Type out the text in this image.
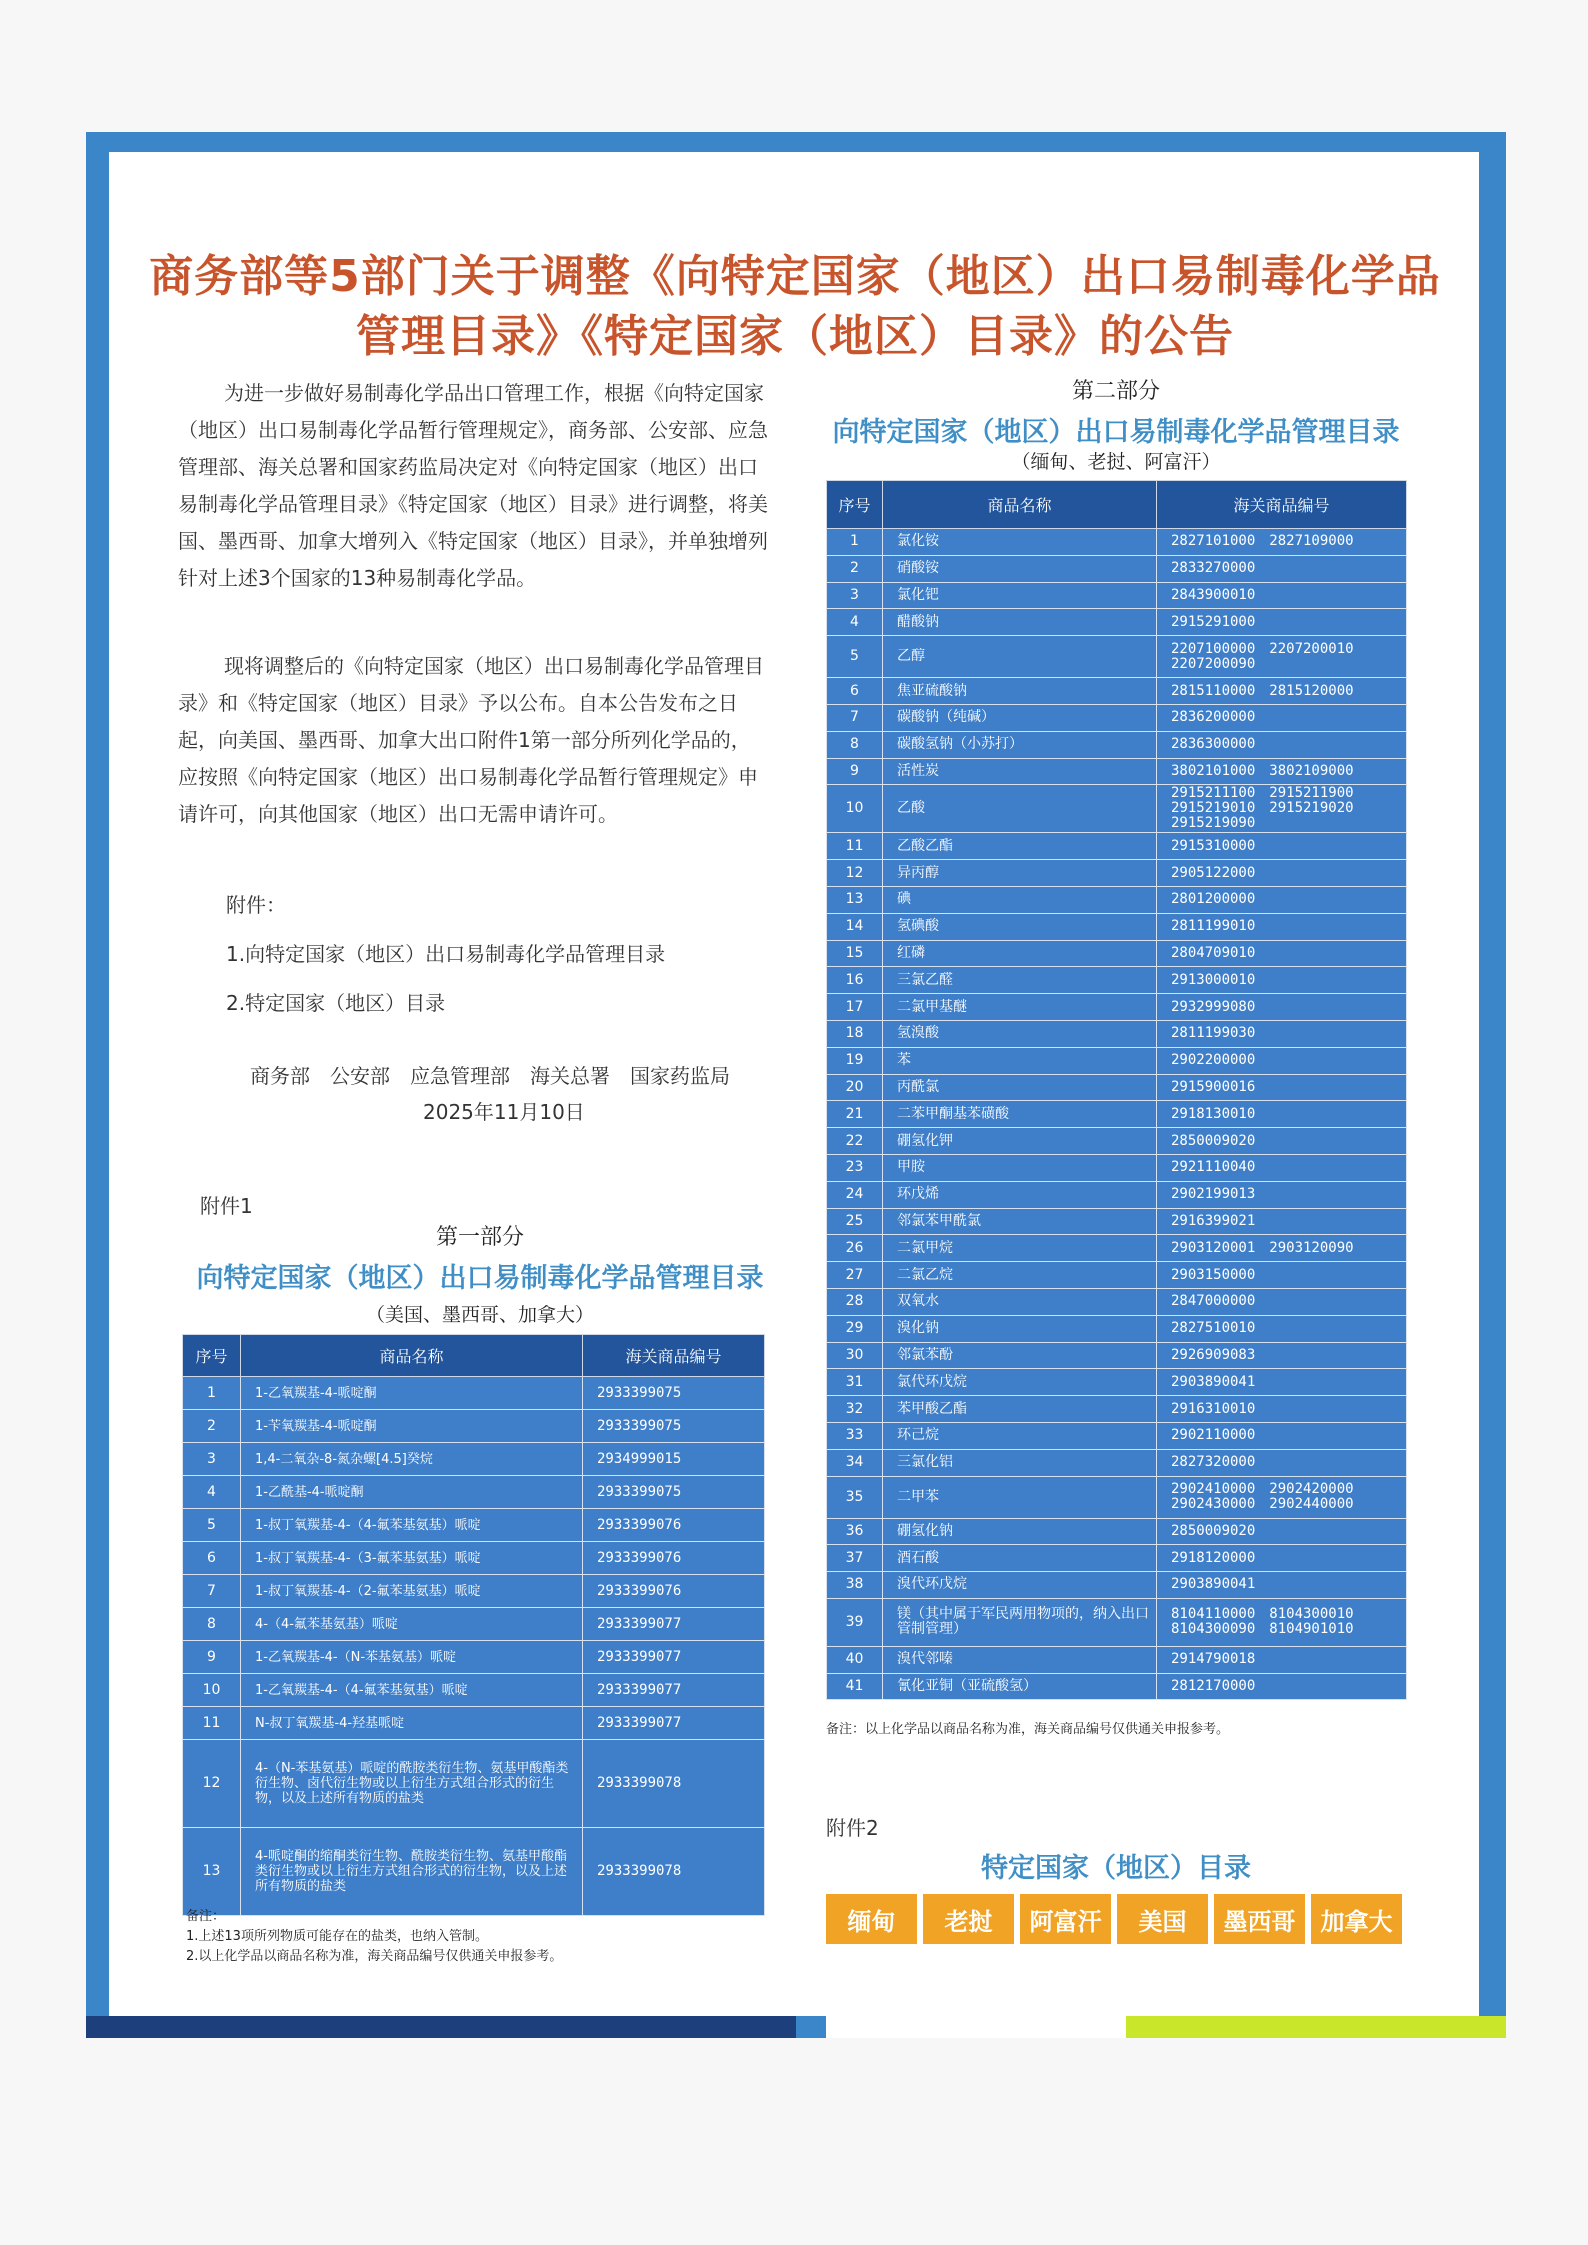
商务部等5部门关于调整《向特定国家（地区）出口易制毒化学品
管理目录》《特定国家（地区）目录》的公告
为进一步做好易制毒化学品出口管理工作，根据《向特定国家（地区）出口易制毒化学品暂行管理规定》，商务部、公安部、应急管理部、海关总署和国家药监局决定对《向特定国家（地区）出口易制毒化学品管理目录》《特定国家（地区）目录》进行调整，将美国、墨西哥、加拿大增列入《特定国家（地区）目录》，并单独增列针对上述3个国家的13种易制毒化学品。
现将调整后的《向特定国家（地区）出口易制毒化学品管理目录》和《特定国家（地区）目录》予以公布。自本公告发布之日起，向美国、墨西哥、加拿大出口附件1第一部分所列化学品的，应按照《向特定国家（地区）出口易制毒化学品暂行管理规定》申请许可，向其他国家（地区）出口无需申请许可。
附件：
1.向特定国家（地区）出口易制毒化学品管理目录
2.特定国家（地区）目录
商务部　公安部　应急管理部　海关总署　国家药监局
2025年11月10日
附件1
第一部分
向特定国家（地区）出口易制毒化学品管理目录
（美国、墨西哥、加拿大）
序号	商品名称	海关商品编号
1	1-乙氧羰基-4-哌啶酮	2933399075
2	1-苄氧羰基-4-哌啶酮	2933399075
3	1,4-二氧杂-8-氮杂螺[4.5]癸烷	2934999015
4	1-乙酰基-4-哌啶酮	2933399075
5	1-叔丁氧羰基-4-（4-氟苯基氨基）哌啶	2933399076
6	1-叔丁氧羰基-4-（3-氟苯基氨基）哌啶	2933399076
7	1-叔丁氧羰基-4-（2-氟苯基氨基）哌啶	2933399076
8	4-（4-氟苯基氨基）哌啶	2933399077
9	1-乙氧羰基-4-（N-苯基氨基）哌啶	2933399077
10	1-乙氧羰基-4-（4-氟苯基氨基）哌啶	2933399077
11	N-叔丁氧羰基-4-羟基哌啶	2933399077
12	4-（N-苯基氨基）哌啶的酰胺类衍生物、氨基甲酸酯类衍生物、卤代衍生物或以上衍生方式组合形式的衍生物，以及上述所有物质的盐类	2933399078
13	4-哌啶酮的缩酮类衍生物、酰胺类衍生物、氨基甲酸酯类衍生物或以上衍生方式组合形式的衍生物，以及上述所有物质的盐类	2933399078
备注：
1.上述13项所列物质可能存在的盐类，也纳入管制。
2.以上化学品以商品名称为准，海关商品编号仅供通关申报参考。
第二部分
向特定国家（地区）出口易制毒化学品管理目录
（缅甸、老挝、阿富汗）
序号	商品名称	海关商品编号
1	氯化铵	2827101000　2827109000
2	硝酸铵	2833270000
3	氯化钯	2843900010
4	醋酸钠	2915291000
5	乙醇	2207100000　2207200010
2207200090
6	焦亚硫酸钠	2815110000　2815120000
7	碳酸钠（纯碱）	2836200000
8	碳酸氢钠（小苏打）	2836300000
9	活性炭	3802101000　3802109000
10	乙酸	2915211100　2915211900
2915219010　2915219020
2915219090
11	乙酸乙酯	2915310000
12	异丙醇	2905122000
13	碘	2801200000
14	氢碘酸	2811199010
15	红磷	2804709010
16	三氯乙醛	2913000010
17	二氯甲基醚	2932999080
18	氢溴酸	2811199030
19	苯	2902200000
20	丙酰氯	2915900016
21	二苯甲酮基苯磺酸	2918130010
22	硼氢化钾	2850009020
23	甲胺	2921110040
24	环戊烯	2902199013
25	邻氯苯甲酰氯	2916399021
26	二氯甲烷	2903120001　2903120090
27	二氯乙烷	2903150000
28	双氧水	2847000000
29	溴化钠	2827510010
30	邻氯苯酚	2926909083
31	氯代环戊烷	2903890041
32	苯甲酸乙酯	2916310010
33	环己烷	2902110000
34	三氯化铝	2827320000
35	二甲苯	2902410000　2902420000
2902430000　2902440000
36	硼氢化钠	2850009020
37	酒石酸	2918120000
38	溴代环戊烷	2903890041
39	镁（其中属于军民两用物项的，纳入出口管制管理）	8104110000　8104300010
8104300090　8104901010
40	溴代邻嗪	2914790018
41	氰化亚铜（亚硫酸氢）	2812170000
备注：以上化学品以商品名称为准，海关商品编号仅供通关申报参考。
附件2
特定国家（地区）目录
缅甸	老挝	阿富汗	美国	墨西哥	加拿大
